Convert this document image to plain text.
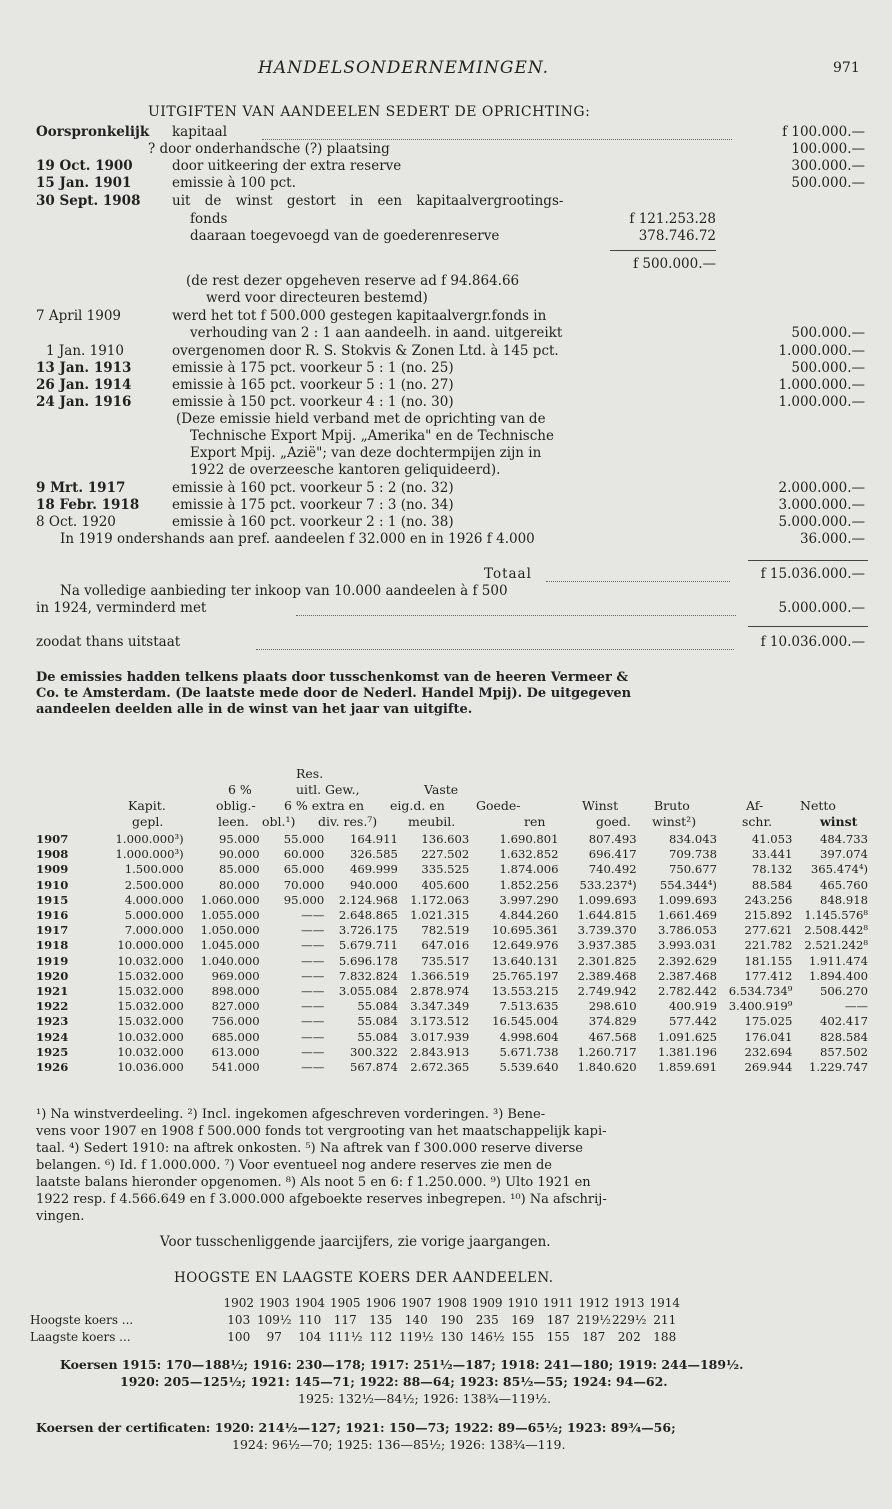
HANDELSONDERNEMINGEN.	971
UITGIFTEN VAN AANDEELEN SEDERT DE OPRICHTING:
Oorspronkelijk kapitaal	f 100.000.—
? door onderhandsche (?) plaatsing	100.000.—
19 Oct. 1900	door uitkeering der extra reserve	300.000.—
15 Jan. 1901	emissie à 100 pct.	500.000.—
30 Sept. 1908 uit de winst gestort in een kapitaalvergrootings-
fonds	f 121.253.28
daaraan toegevoegd van de goederenreserve	378.746.72
f 500.000.—
(de rest dezer opgeheven reserve ad f 94.864.66
werd voor directeuren bestemd)
7 April 1909	werd het tot f 500.000 gestegen kapitaalvergr.fonds in
verhouding van 2 : 1 aan aandeelh. in aand. uitgereikt	500.000.—
1 Jan. 1910	overgenomen door R. S. Stokvis & Zonen Ltd. à 145 pct.	1.000.000.—
13 Jan. 1913	emissie à 175 pct. voorkeur 5 : 1 (no. 25)	500.000.—
26 Jan. 1914	emissie à 165 pct. voorkeur 5 : 1 (no. 27)	1.000.000.—
24 Jan. 1916	emissie à 150 pct. voorkeur 4 : 1 (no. 30)	1.000.000.—
(Deze emissie hield verband met de oprichting van de
Technische Export Mpij. „Amerika" en de Technische
Export Mpij. „Azië"; van deze dochtermpijen zijn in
1922 de overzeesche kantoren geliquideerd).
9 Mrt. 1917	emissie à 160 pct. voorkeur 5 : 2 (no. 32)	2.000.000.—
18 Febr. 1918 emissie à 175 pct. voorkeur 7 : 3 (no. 34)	3.000.000.—
8 Oct. 1920	emissie à 160 pct. voorkeur 2 : 1 (no. 38)	5.000.000.—
In 1919 ondershands aan pref. aandeelen f 32.000 en in 1926 f 4.000	36.000.—
Totaal	f 15.036.000.—
Na volledige aanbieding ter inkoop van 10.000 aandeelen à f 500
in 1924, verminderd met	5.000.000.—
zoodat thans uitstaat	f 10.036.000.—
De emissies hadden telkens plaats door tusschenkomst van de heeren Vermeer &
Co. te Amsterdam. (De laatste mede door de Nederl. Handel Mpij). De uitgegeven
aandeelen deelden alle in de winst van het jaar van uitgifte.
Res.
6 %	uitl. Gew.,	Vaste
Kapit.	oblig.- 6 % extra en eig.d. en Goede-	Winst	Bruto	Af-	Netto
gepl.	leen. obl.¹) div. res.⁷) meubil.	ren	goed. winst²)	schr.	winst
1907	1.000.000³)	95.000	55.000	164.911	136.603	1.690.801	807.493	834.043	41.053	484.733
1908	1.000.000³)	90.000	60.000	326.585	227.502	1.632.852	696.417	709.738	33.441	397.074
1909	1.500.000	85.000	65.000	469.999	335.525	1.874.006	740.492	750.677	78.132	365.474⁴)
1910	2.500.000	80.000	70.000	940.000	405.600	1.852.256	533.237⁴)	554.344⁴)	88.584	465.760
1915	4.000.000	1.060.000	95.000	2.124.968	1.172.063	3.997.290	1.099.693	1.099.693	243.256	848.918
1916	5.000.000	1.055.000	——	2.648.865	1.021.315	4.844.260	1.644.815	1.661.469	215.892	1.145.576⁸
1917	7.000.000	1.050.000	——	3.726.175	782.519	10.695.361	3.739.370	3.786.053	277.621	2.508.442⁸
1918	10.000.000	1.045.000	——	5.679.711	647.016	12.649.976	3.937.385	3.993.031	221.782	2.521.242⁸
1919	10.032.000	1.040.000	——	5.696.178	735.517	13.640.131	2.301.825	2.392.629	181.155	1.911.474
1920	15.032.000	969.000	——	7.832.824	1.366.519	25.765.197	2.389.468	2.387.468	177.412	1.894.400
1921	15.032.000	898.000	——	3.055.084	2.878.974	13.553.215	2.749.942	2.782.442	6.534.734⁹	506.270
1922	15.032.000	827.000	——	55.084	3.347.349	7.513.635	298.610	400.919	3.400.919⁹	——
1923	15.032.000	756.000	——	55.084	3.173.512	16.545.004	374.829	577.442	175.025	402.417
1924	10.032.000	685.000	——	55.084	3.017.939	4.998.604	467.568	1.091.625	176.041	828.584
1925	10.032.000	613.000	——	300.322	2.843.913	5.671.738	1.260.717	1.381.196	232.694	857.502
1926	10.036.000	541.000	——	567.874	2.672.365	5.539.640	1.840.620	1.859.691	269.944	1.229.747
¹) Na winstverdeeling. ²) Incl. ingekomen afgeschreven vorderingen. ³) Bene-
vens voor 1907 en 1908 f 500.000 fonds tot vergrooting van het maatschappelijk kapi-
taal. ⁴) Sedert 1910: na aftrek onkosten. ⁵) Na aftrek van f 300.000 reserve diverse
belangen. ⁶) Id. f 1.000.000. ⁷) Voor eventueel nog andere reserves zie men de
laatste balans hieronder opgenomen. ⁸) Als noot 5 en 6: f 1.250.000. ⁹) Ulto 1921 en
1922 resp. f 4.566.649 en f 3.000.000 afgeboekte reserves inbegrepen. ¹⁰) Na afschrij-
vingen.
Voor tusschenliggende jaarcijfers, zie vorige jaargangen.
HOOGSTE EN LAAGSTE KOERS DER AANDEELEN.
	1902	1903	1904	1905	1906	1907	1908	1909	1910	1911	1912	1913	1914
Hoogste koers ...	103	109½	110	117	135	140	190	235	169	187	219½	229½	211
Laagste koers ...	100	97	104	111½	112	119½	130	146½	155	155	187	202	188
Koersen 1915: 170—188½; 1916: 230—178; 1917: 251½—187; 1918: 241—180; 1919: 244—189½.
1920: 205—125½; 1921: 145—71; 1922: 88—64; 1923: 85½—55; 1924: 94—62.
1925: 132½—84½; 1926: 138¾—119½.
Koersen der certificaten: 1920: 214½—127; 1921: 150—73; 1922: 89—65½; 1923: 89¾—56;
1924: 96½—70; 1925: 136—85½; 1926: 138¾—119.
